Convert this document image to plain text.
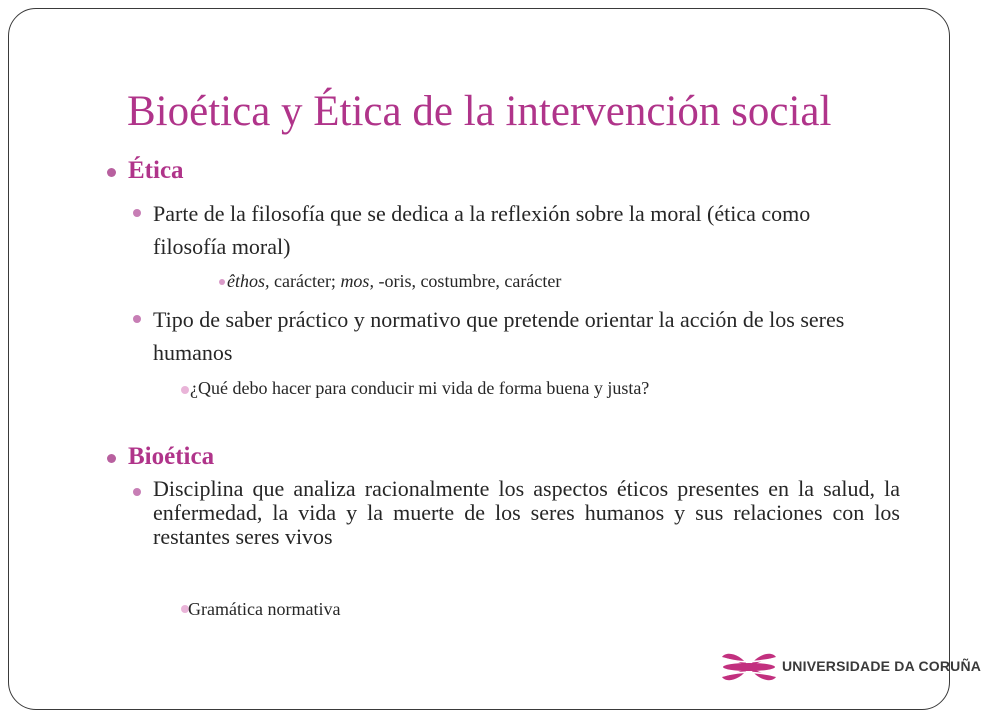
Bioética y Ética de la intervención social
Ética
Parte de la filosofía que se dedica a la reflexión sobre la moral (ética como filosofía moral)
êthos, carácter; mos, -oris, costumbre, carácter
Tipo de saber práctico y normativo que pretende orientar la acción de los seres humanos
¿Qué debo hacer para conducir mi vida de forma buena y justa?
Bioética
Disciplina que analiza racionalmente los aspectos éticos presentes en la salud, la enfermedad, la vida y la muerte de los seres humanos y sus relaciones con los restantes seres vivos
Gramática normativa
UNIVERSIDADE DA CORUÑA
